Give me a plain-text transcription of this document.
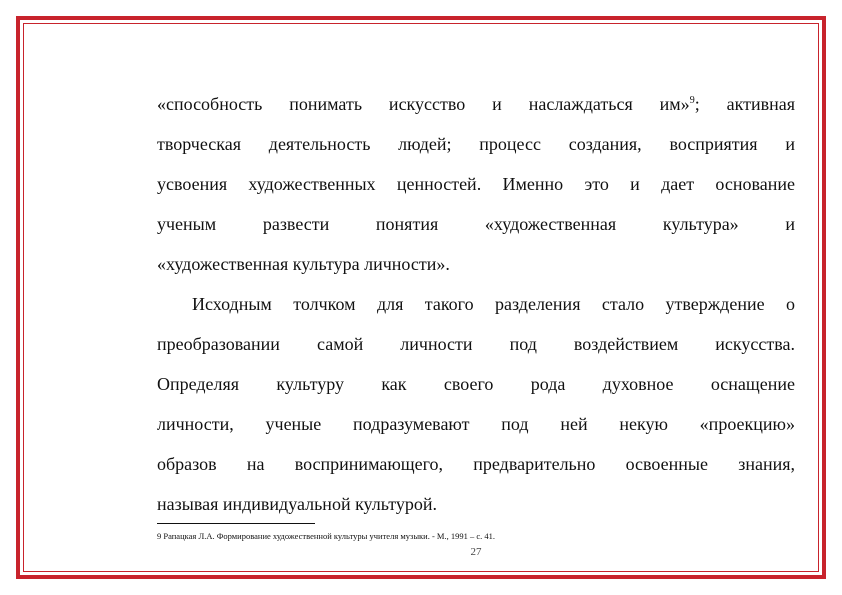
«способность понимать искусство и наслаждаться им»$^9$; активная
творческая деятельность людей; процесс создания, восприятия и
усвоения художественных ценностей. Именно это и дает основание
ученым развести понятия «художественная культура» и
«художественная культура личности».
Исходным толчком для такого разделения стало утверждение о
преобразовании самой личности под воздействием искусства.
Определяя культуру как своего рода духовное оснащение
личности, ученые подразумевают под ней некую «проекцию»
образов на воспринимающего, предварительно освоенные знания,
называя индивидуальной культурой.
9 Рапацкая Л.А. Формирование художественной культуры учителя музыки. - М., 1991 – с. 41.
27
